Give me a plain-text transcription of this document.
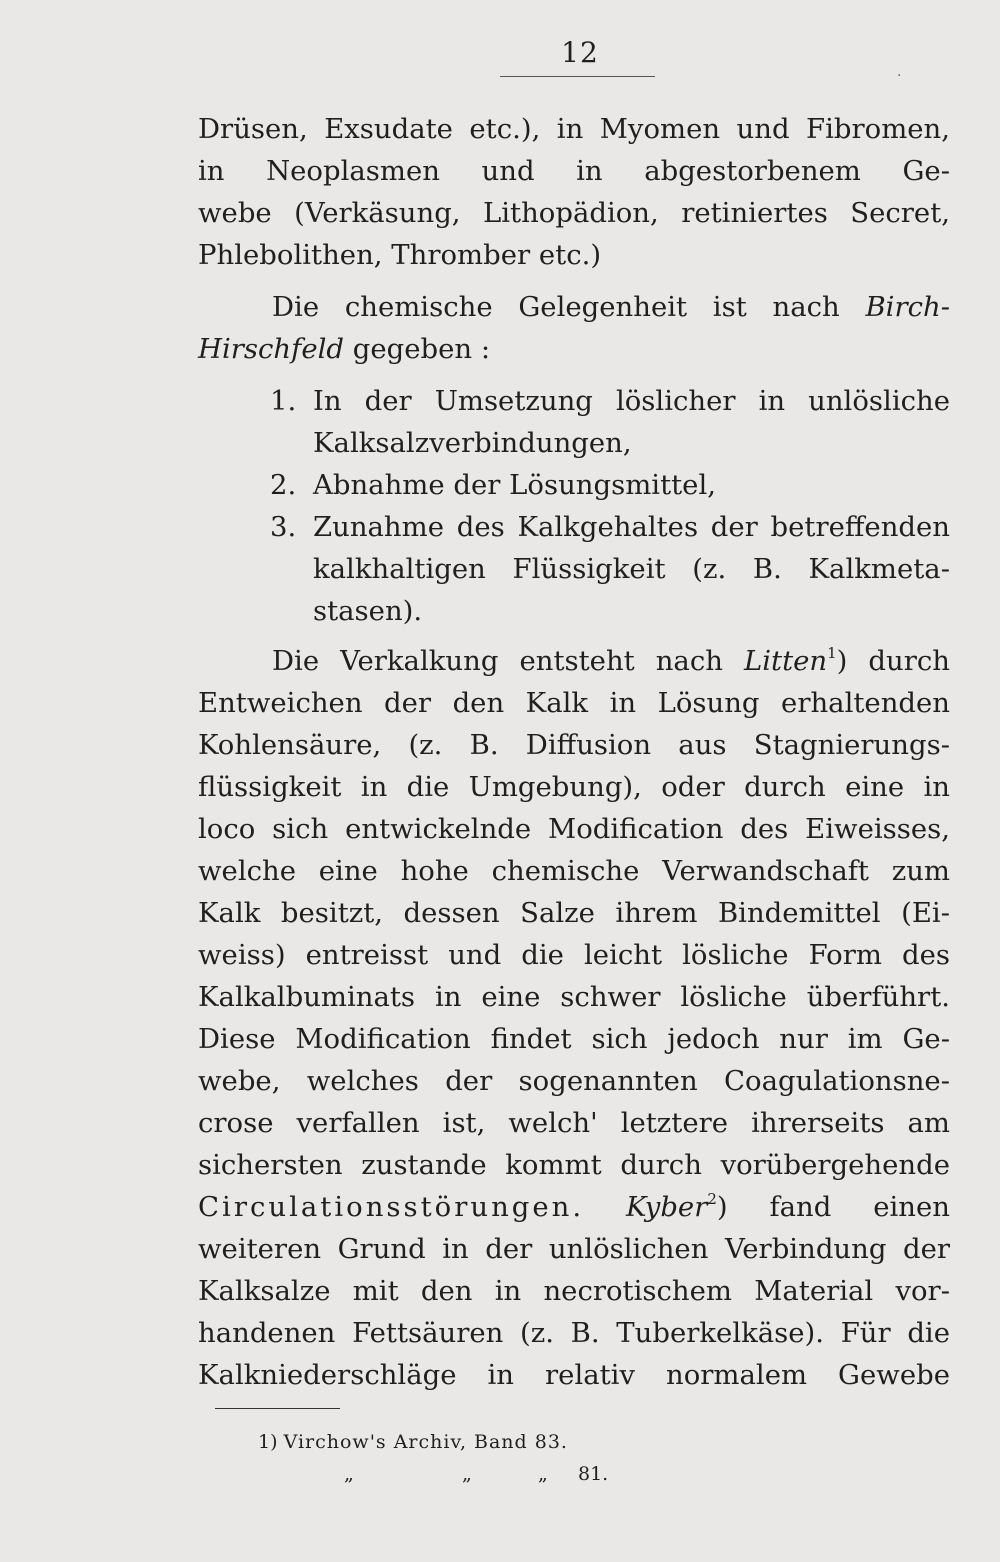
12
·
Drüsen, Exsudate etc.), in Myomen und Fibromen,
in Neoplasmen und in abgestorbenem Ge-
webe (Verkäsung, Lithopädion, retiniertes Secret,
Phlebolithen, Thromber etc.)
Die chemische Gelegenheit ist nach Birch-
Hirschfeld gegeben :
1. In der Umsetzung löslicher in unlösliche
Kalksalzverbindungen,
2. Abnahme der Lösungsmittel,
3. Zunahme des Kalkgehaltes der betreffenden
kalkhaltigen Flüssigkeit (z. B. Kalkmeta-
stasen).
Die Verkalkung entsteht nach Litten$^1$) durch
Entweichen der den Kalk in Lösung erhaltenden
Kohlensäure, (z. B. Diffusion aus Stagnierungs-
flüssigkeit in die Umgebung), oder durch eine in
loco sich entwickelnde Modification des Eiweisses,
welche eine hohe chemische Verwandschaft zum
Kalk besitzt, dessen Salze ihrem Bindemittel (Ei-
weiss) entreisst und die leicht lösliche Form des
Kalkalbuminats in eine schwer lösliche überführt.
Diese Modification findet sich jedoch nur im Ge-
webe, welches der sogenannten Coagulationsne-
crose verfallen ist, welch' letztere ihrerseits am
sichersten zustande kommt durch vorübergehende
Circulationsstörungen. Kyber$^2$) fand einen
weiteren Grund in der unlöslichen Verbindung der
Kalksalze mit den in necrotischem Material vor-
handenen Fettsäuren (z. B. Tuberkelkäse). Für die
Kalkniederschläge in relativ normalem Gewebe
1) Virchow's Archiv, Band 83.
„	„	„ 81.
